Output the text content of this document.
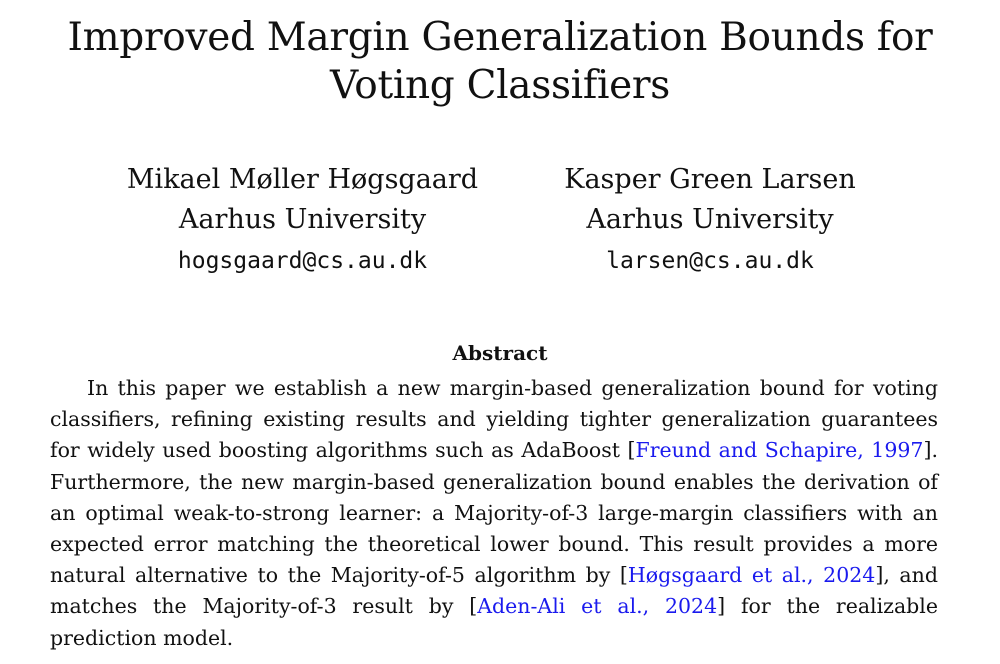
Improved Margin Generalization Bounds for Voting Classifiers
Mikael Møller Høgsgaard
Aarhus University
hogsgaard@cs.au.dk
Kasper Green Larsen
Aarhus University
larsen@cs.au.dk
Abstract

In this paper we establish a new margin-based generalization bound for voting classifiers, refining existing results and yielding tighter generalization guarantees for widely used boosting algorithms such as AdaBoost [Freund and Schapire, 1997]. Furthermore, the new margin-based generalization bound enables the derivation of an optimal weak-to-strong learner: a Majority-of-3 large-margin classifiers with an expected error matching the theoretical lower bound. This result provides a more natural alternative to the Majority-of-5 algorithm by [Høgsgaard et al., 2024], and matches the Majority-of-3 result by [Aden-Ali et al., 2024] for the realizable prediction model.
